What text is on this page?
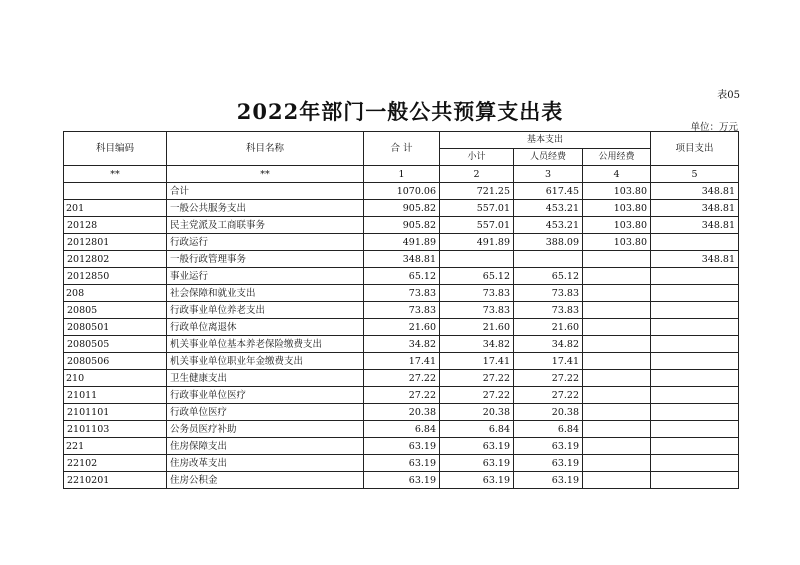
表05
2022年部门一般公共预算支出表
单位：万元
科目编码	科目名称	合 计	基本支出			项目支出
			小计	人员经费	公用经费	
**	**	1	2	3	4	5
	合计	1070.06	721.25	617.45	103.80	348.81
201	一般公共服务支出	905.82	557.01	453.21	103.80	348.81
20128	民主党派及工商联事务	905.82	557.01	453.21	103.80	348.81
2012801	行政运行	491.89	491.89	388.09	103.80	
2012802	一般行政管理事务	348.81				348.81
2012850	事业运行	65.12	65.12	65.12		
208	社会保障和就业支出	73.83	73.83	73.83		
20805	行政事业单位养老支出	73.83	73.83	73.83		
2080501	行政单位离退休	21.60	21.60	21.60		
2080505	机关事业单位基本养老保险缴费支出	34.82	34.82	34.82		
2080506	机关事业单位职业年金缴费支出	17.41	17.41	17.41		
210	卫生健康支出	27.22	27.22	27.22		
21011	行政事业单位医疗	27.22	27.22	27.22		
2101101	行政单位医疗	20.38	20.38	20.38		
2101103	公务员医疗补助	6.84	6.84	6.84		
221	住房保障支出	63.19	63.19	63.19		
22102	住房改革支出	63.19	63.19	63.19		
2210201	住房公积金	63.19	63.19	63.19		
